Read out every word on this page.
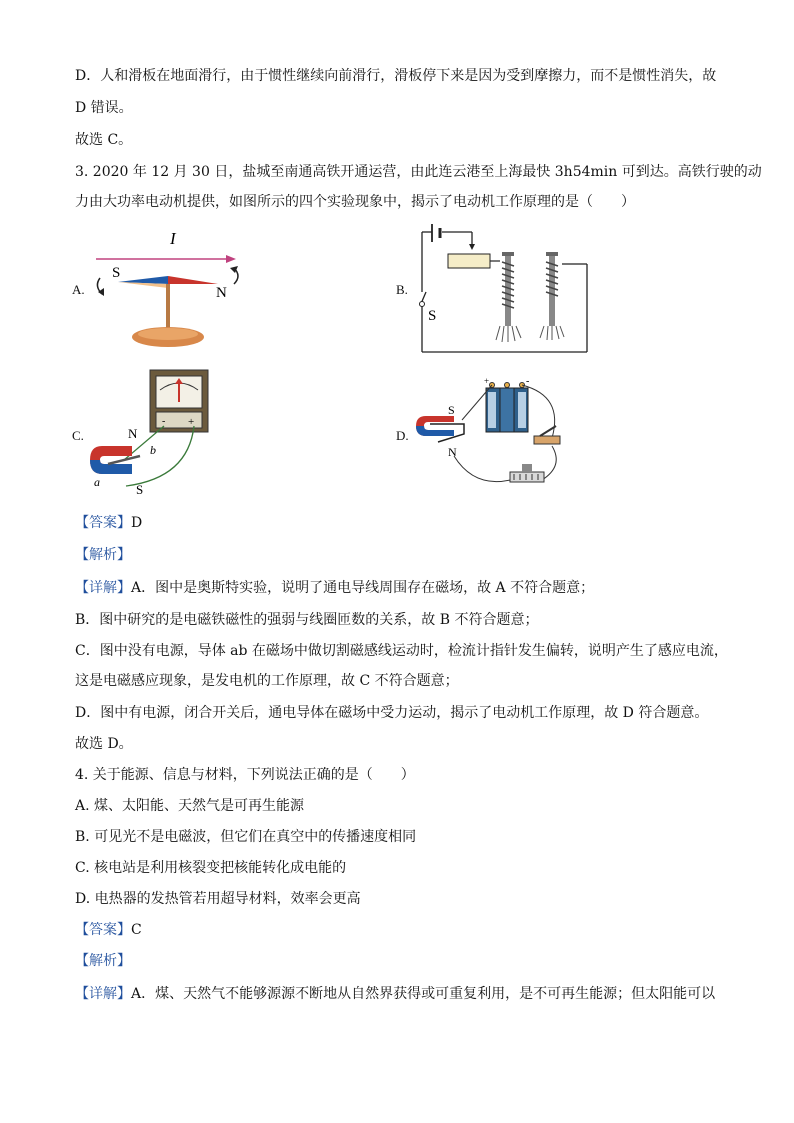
D．人和滑板在地面滑行，由于惯性继续向前滑行，滑板停下来是因为受到摩擦力，而不是惯性消失，故
D 错误。
故选 C。
3. 2020 年 12 月 30 日，盐城至南通高铁开通运营，由此连云港至上海最快 3h54min 可到达。高铁行驶的动
力由大功率电动机提供，如图所示的四个实验现象中，揭示了电动机工作原理的是（　　）
A.	B.
C.	D.
I
S
N
S
- +
N
S
a
b
+	-
S
N
【答案】D
【解析】
【详解】A．图中是奥斯特实验，说明了通电导线周围存在磁场，故 A 不符合题意；
B．图中研究的是电磁铁磁性的强弱与线圈匝数的关系，故 B 不符合题意；
C．图中没有电源，导体 ab 在磁场中做切割磁感线运动时，检流计指针发生偏转，说明产生了感应电流，
这是电磁感应现象，是发电机的工作原理，故 C 不符合题意；
D．图中有电源，闭合开关后，通电导体在磁场中受力运动，揭示了电动机工作原理，故 D 符合题意。
故选 D。
4. 关于能源、信息与材料，下列说法正确的是（　　）
A. 煤、太阳能、天然气是可再生能源
B. 可见光不是电磁波，但它们在真空中的传播速度相同
C. 核电站是利用核裂变把核能转化成电能的
D. 电热器的发热管若用超导材料，效率会更高
【答案】C
【解析】
【详解】A．煤、天然气不能够源源不断地从自然界获得或可重复利用，是不可再生能源；但太阳能可以
